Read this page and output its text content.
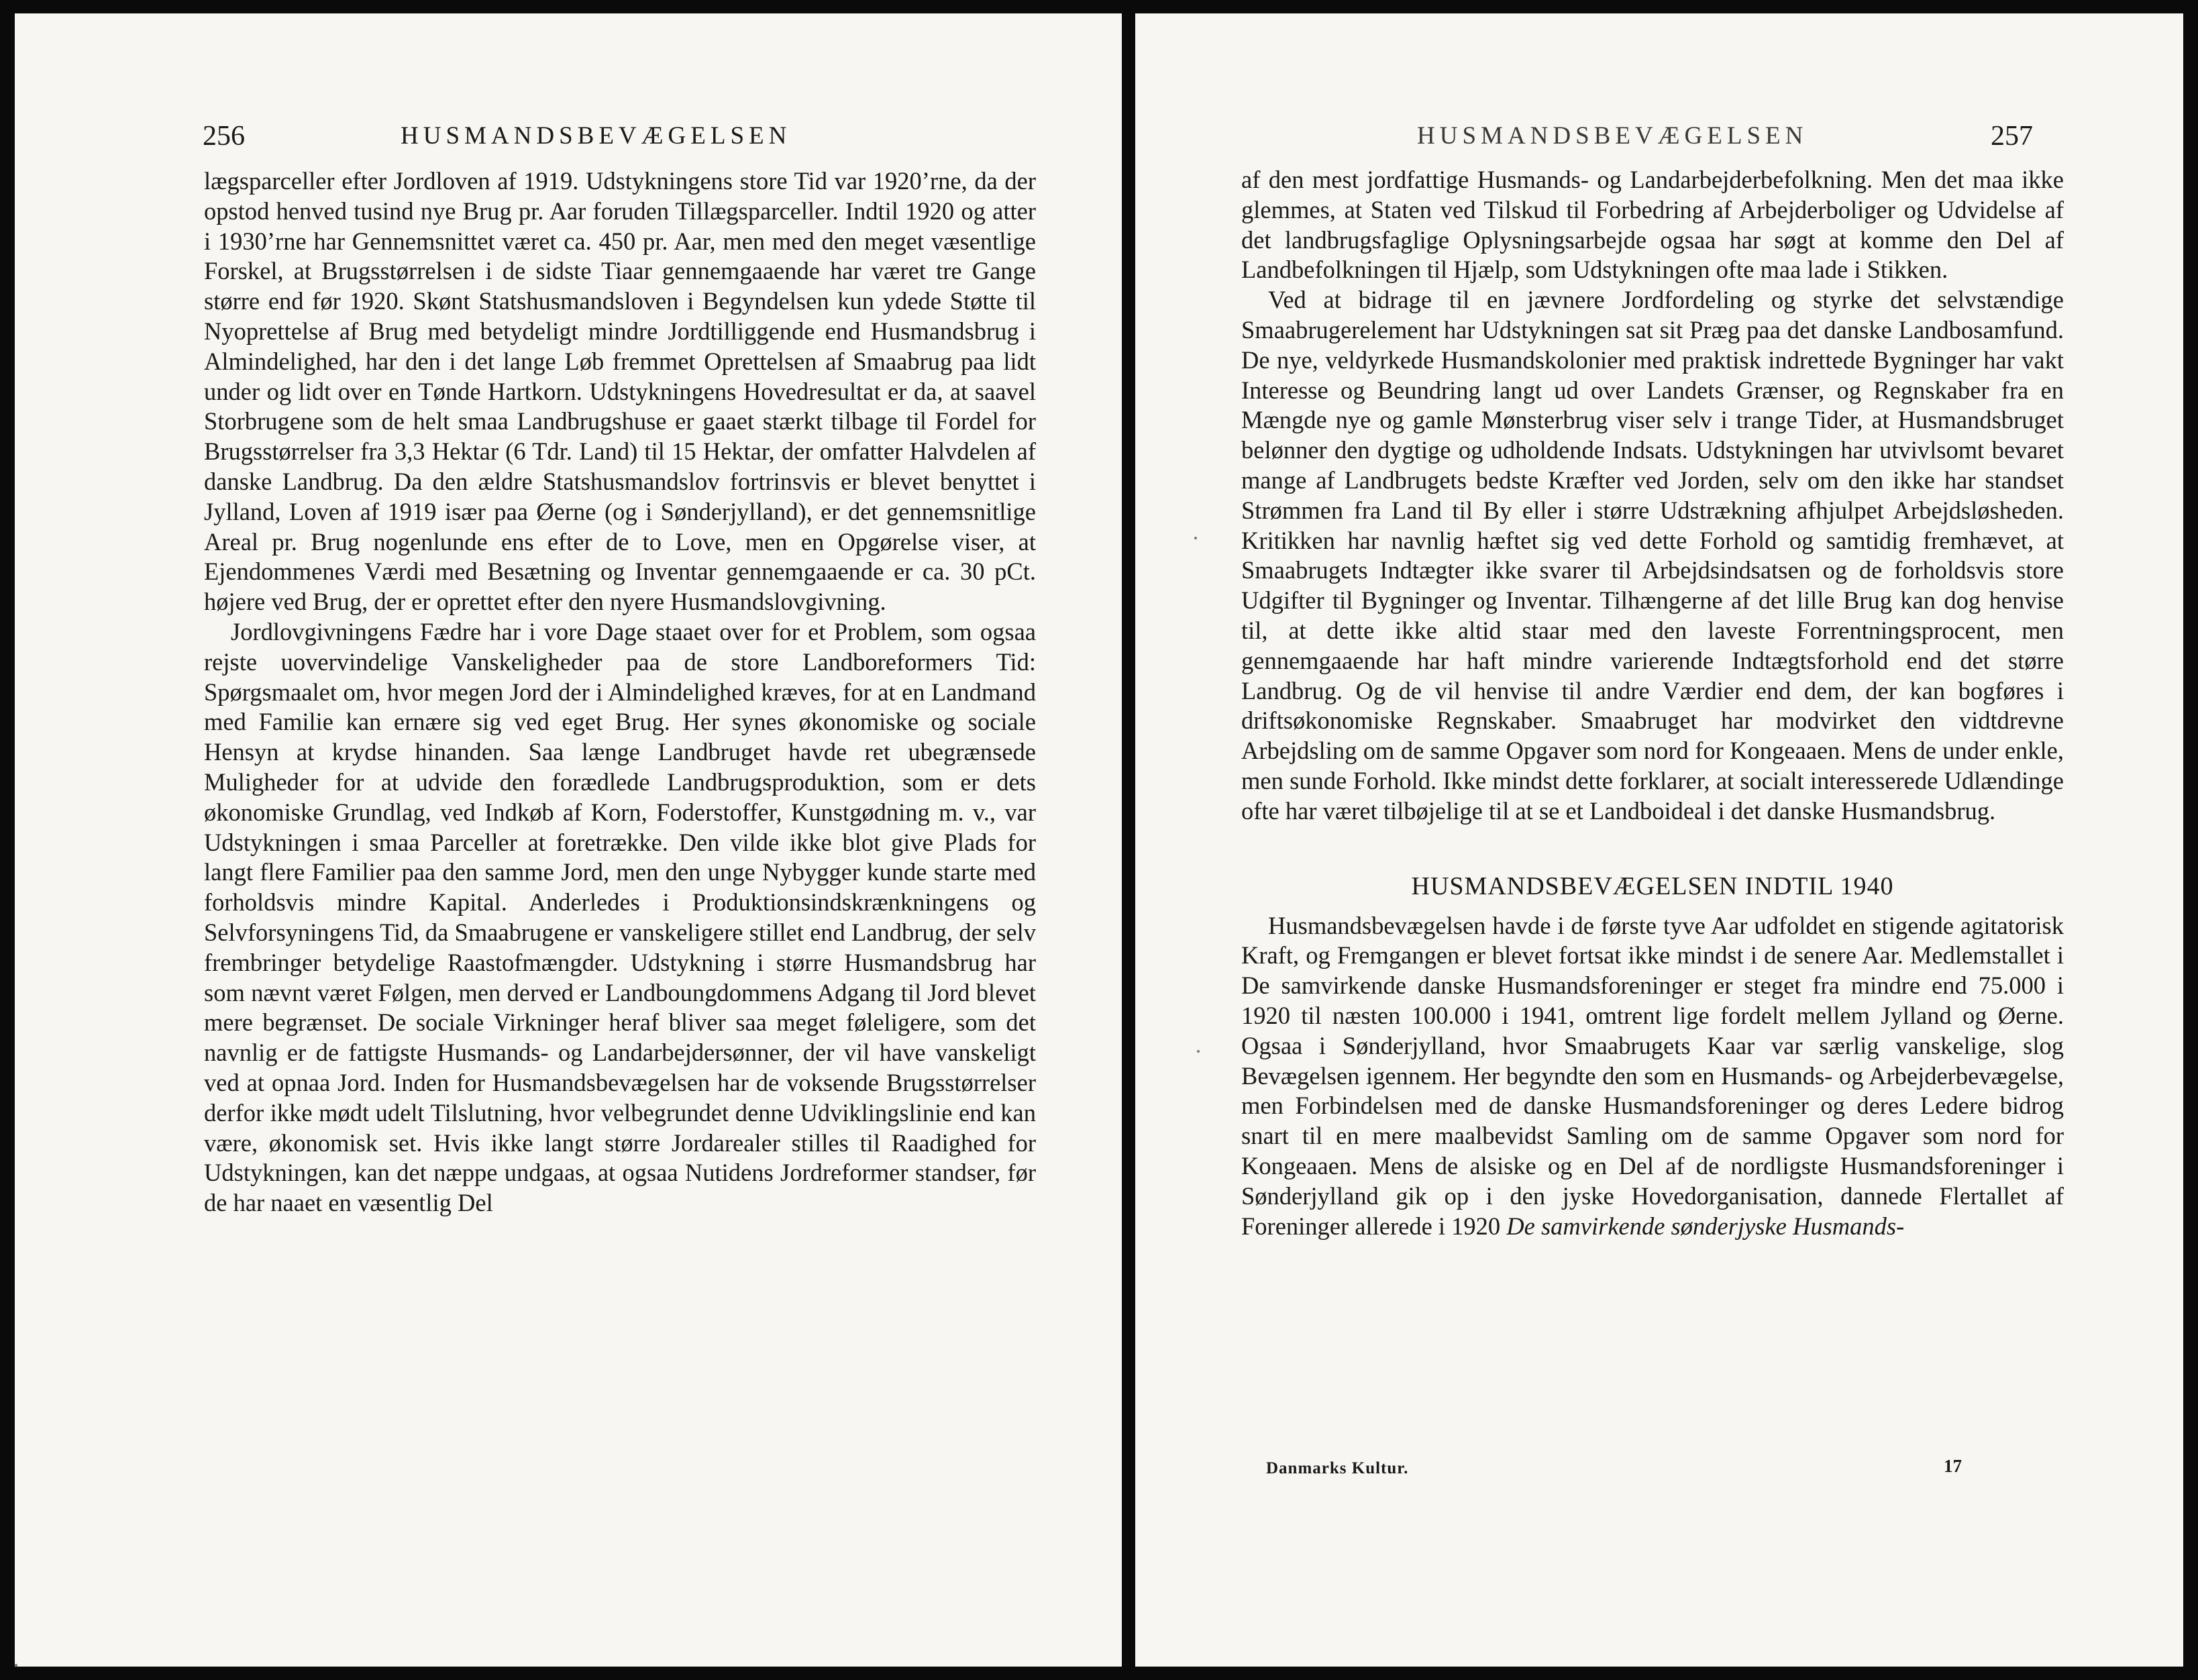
256	HUSMANDSBEVÆGELSEN

lægsparceller efter Jordloven af 1919. Udstykningens store Tid var 1920’rne, da der opstod henved tusind nye Brug pr. Aar foruden Tillægsparceller. Indtil 1920 og atter i 1930’rne har Gennemsnittet været ca. 450 pr. Aar, men med den meget væsentlige Forskel, at Brugsstørrelsen i de sidste Tiaar gennemgaaende har været tre Gange større end før 1920. Skønt Statshusmandsloven i Begyndelsen kun ydede Støtte til Nyoprettelse af Brug med betydeligt mindre Jordtilliggende end Husmandsbrug i Almindelighed, har den i det lange Løb fremmet Oprettelsen af Smaabrug paa lidt under og lidt over en Tønde Hartkorn. Udstykningens Hovedresultat er da, at saavel Storbrugene som de helt smaa Landbrugshuse er gaaet stærkt tilbage til Fordel for Brugsstørrelser fra 3,3 Hektar (6 Tdr. Land) til 15 Hektar, der omfatter Halvdelen af danske Landbrug. Da den ældre Statshusmandslov fortrinsvis er blevet benyttet i Jylland, Loven af 1919 især paa Øerne (og i Sønderjylland), er det gennemsnitlige Areal pr. Brug nogenlunde ens efter de to Love, men en Opgørelse viser, at Ejendommenes Værdi med Besætning og Inventar gennemgaaende er ca. 30 pCt. højere ved Brug, der er oprettet efter den nyere Husmandslovgivning.

Jordlovgivningens Fædre har i vore Dage staaet over for et Problem, som ogsaa rejste uovervindelige Vanskeligheder paa de store Landboreformers Tid: Spørgsmaalet om, hvor megen Jord der i Almindelighed kræves, for at en Landmand med Familie kan ernære sig ved eget Brug. Her synes økonomiske og sociale Hensyn at krydse hinanden. Saa længe Landbruget havde ret ubegrænsede Muligheder for at udvide den forædlede Landbrugsproduktion, som er dets økonomiske Grundlag, ved Indkøb af Korn, Foderstoffer, Kunstgødning m. v., var Udstykningen i smaa Parceller at foretrække. Den vilde ikke blot give Plads for langt flere Familier paa den samme Jord, men den unge Nybygger kunde starte med forholdsvis mindre Kapital. Anderledes i Produktionsindskrænkningens og Selvforsyningens Tid, da Smaabrugene er vanskeligere stillet end Landbrug, der selv frembringer betydelige Raastofmængder. Udstykning i større Husmandsbrug har som nævnt været Følgen, men derved er Landboungdommens Adgang til Jord blevet mere begrænset. De sociale Virkninger heraf bliver saa meget føleligere, som det navnlig er de fattigste Husmands- og Landarbejdersønner, der vil have vanskeligt ved at opnaa Jord. Inden for Husmandsbevægelsen har de voksende Brugsstørrelser derfor ikke mødt udelt Tilslutning, hvor velbegrundet denne Udviklingslinie end kan være, økonomisk set. Hvis ikke langt større Jordarealer stilles til Raadighed for Udstykningen, kan det næppe undgaas, at ogsaa Nutidens Jordreformer standser, før de har naaet en væsentlig Del

HUSMANDSBEVÆGELSEN	257

af den mest jordfattige Husmands- og Landarbejderbefolkning. Men det maa ikke glemmes, at Staten ved Tilskud til Forbedring af Arbejderboliger og Udvidelse af det landbrugsfaglige Oplysningsarbejde ogsaa har søgt at komme den Del af Landbefolkningen til Hjælp, som Udstykningen ofte maa lade i Stikken.

Ved at bidrage til en jævnere Jordfordeling og styrke det selvstændige Smaabrugerelement har Udstykningen sat sit Præg paa det danske Landbosamfund. De nye, veldyrkede Husmandskolonier med praktisk indrettede Bygninger har vakt Interesse og Beundring langt ud over Landets Grænser, og Regnskaber fra en Mængde nye og gamle Mønsterbrug viser selv i trange Tider, at Husmandsbruget belønner den dygtige og udholdende Indsats. Udstykningen har utvivlsomt bevaret mange af Landbrugets bedste Kræfter ved Jorden, selv om den ikke har standset Strømmen fra Land til By eller i større Udstrækning afhjulpet Arbejdsløsheden. Kritikken har navnlig hæftet sig ved dette Forhold og samtidig fremhævet, at Smaabrugets Indtægter ikke svarer til Arbejdsindsatsen og de forholdsvis store Udgifter til Bygninger og Inventar. Tilhængerne af det lille Brug kan dog henvise til, at dette ikke altid staar med den laveste Forrentningsprocent, men gennemgaaende har haft mindre varierende Indtægtsforhold end det større Landbrug. Og de vil henvise til andre Værdier end dem, der kan bogføres i driftsøkonomiske Regnskaber. Smaabruget har modvirket den vidtdrevne Arbejdsling om de samme Opgaver som nord for Kongeaaen. Mens de under enkle, men sunde Forhold. Ikke mindst dette forklarer, at socialt interesserede Udlændinge ofte har været tilbøjelige til at se et Landboideal i det danske Husmandsbrug.

HUSMANDSBEVÆGELSEN INDTIL 1940

Husmandsbevægelsen havde i de første tyve Aar udfoldet en stigende agitatorisk Kraft, og Fremgangen er blevet fortsat ikke mindst i de senere Aar. Medlemstallet i De samvirkende danske Husmandsforeninger er steget fra mindre end 75.000 i 1920 til næsten 100.000 i 1941, omtrent lige fordelt mellem Jylland og Øerne. Ogsaa i Sønderjylland, hvor Smaabrugets Kaar var særlig vanskelige, slog Bevægelsen igennem. Her begyndte den som en Husmands- og Arbejderbevægelse, men Forbindelsen med de danske Husmandsforeninger og deres Ledere bidrog snart til en mere maalbevidst Samling om de samme Opgaver som nord for Kongeaaen. Mens de alsiske og en Del af de nordligste Husmandsforeninger i Sønderjylland gik op i den jyske Hovedorganisation, dannede Flertallet af Foreninger allerede i 1920 De samvirkende sønderjyske Husmands-

Danmarks Kultur.	17
